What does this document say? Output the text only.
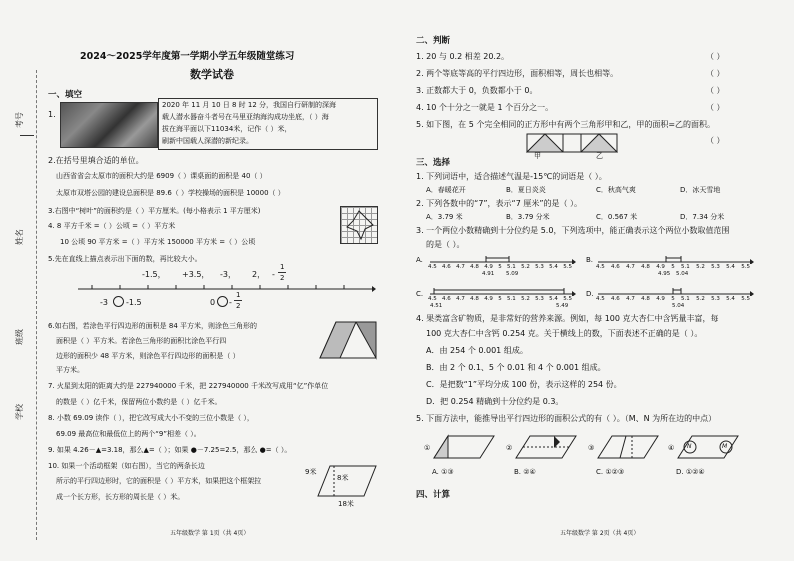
考号
姓名
班级
学校
2024～2025学年度第一学期小学五年级随堂练习
数学试卷
一、填空
1.
2020 年 11 月 10 日 8 时 12 分，我国自行研制的深海
载人潜水器奋斗者号在马里亚纳海沟成功坐底，（ ）海
拔在海平面以下11034米，记作（ ）米，
刷新中国载人深潜的新纪录。
2.在括号里填合适的单位。
山西省省会太原市的面积大约是 6909（ ）课桌面的面积是 40（ ）
太原市双塔公园的建设总面积是 89.6（ ）学校操场的面积是 10000（ ）
3.右图中“树叶”的面积约是（ ）平方厘米。(每小格表示 1 平方厘米)
4. 8 平方千米 =（ ）公顷 =（ ）平方米
10 公顷 90 平方米 =（ ）平方米 150000 平方米 =（ ）公顷
5.先在直线上描点表示出下面的数，再比较大小。
-1.5， +3.5， -3， 2， -
1
2
-3 -1.5	0 -
1
2
6.如右图，若涂色平行四边形的面积是 84 平方米，则涂色三角形的
面积是（ ）平方米。若涂色三角形的面积比涂色平行四
边形的面积少 48 平方米，则涂色平行四边形的面积是（ ）
平方米。
7. 火星到太阳的距离大约是 227940000 千米，把 227940000 千米改写成用“亿”作单位
的数是（ ）亿千米，保留两位小数约是（ ）亿千米。
8. 小数 69.09 读作（ ），把它改写成大小不变的三位小数是（ ），
69.09 最高位和最低位上的两个“9”相差（ ）。
9. 如果 4.26－▲=3.18，那么▲=（ ）；如果 ●－7.25=2.5，那么 ●=（ ）。
10. 如果一个活动框架（如右图），当它的两条长边
所示的平行四边形时，它的面积是（ ）平方米，如果把这个框架拉
成一个长方形，长方形的周长是（ ）米。
9米
8米
18米
五年级数学 第 1页（共 4页）
二、判断
1. 20 与 0.2 相差 20.2。	（ ）
2. 两个等底等高的平行四边形，面积相等，周长也相等。	（ ）
3. 正数都大于 0，负数都小于 0。	（ ）
4. 10 个十分之一就是 1 个百分之一。	（ ）
5. 如下图，在 5 个完全相同的正方形中有两个三角形甲和乙，甲的面积=乙的面积。
甲	乙
（ ）
三、选择
1. 下列词语中，适合描述气温是-15℃的词语是（ ）。
A．春暖花开	B．夏日炎炎	C．秋高气爽	D．冰天雪地
2. 下列各数中的“7”，表示“7 厘米”的是（ ）。
A．3.79 米	B．3.79 分米	C．0.567 米	D．7.34 分米
3. 一个两位小数精确到十分位约是 5.0，下列选项中，能正确表示这个两位小数取值范围
的是（ ）。
A.
4.5 4.6 4.7 4.8 4.9 5 5.1 5.2 5.3 5.4 5.5
4.91 5.09
B.
4.5 4.6 4.7 4.8 4.9 5 5.1 5.2 5.3 5.4 5.5
4.95 5.04
C.
4.5 4.6 4.7 4.8 4.9 5 5.1 5.2 5.3 5.4 5.5
4.51	5.49
D.
4.5 4.6 4.7 4.8 4.9 5 5.1 5.2 5.3 5.4 5.5
5.04
4. 果类富含矿物质，是非常好的营养来源。例如，每 100 克大杏仁中含钙量丰富，每
100 克大杏仁中含钙 0.254 克。关于横线上的数，下面表述不正确的是（ ）。
A．由 254 个 0.001 组成。
B．由 2 个 0.1、5 个 0.01 和 4 个 0.001 组成。
C．是把数“1”平均分成 100 份，表示这样的 254 份。
D．把 0.254 精确到十分位约是 0.3。
5. 下面方法中，能推导出平行四边形的面积公式的有（ ）。（M、N 为所在边的中点）
①	②	③	④ N	M
A. ①③	B. ②④	C. ①②③	D. ①②④
四、计算
五年级数学 第 2页（共 4页）
